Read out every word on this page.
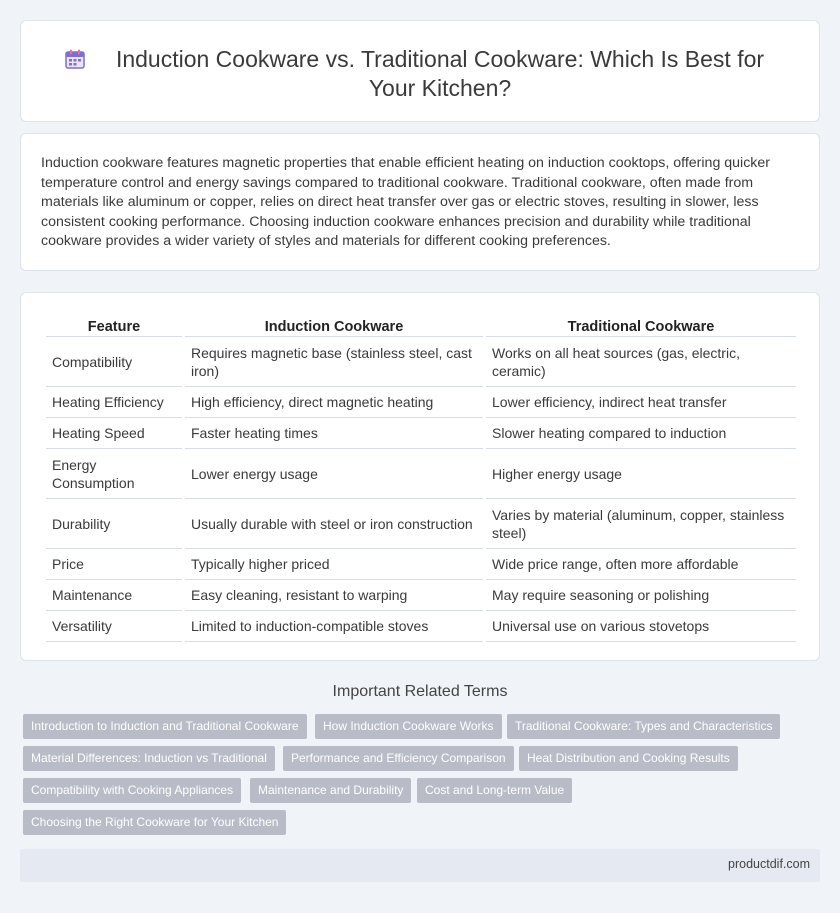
Induction Cookware vs. Traditional Cookware: Which Is Best for Your Kitchen?

Induction cookware features magnetic properties that enable efficient heating on induction cooktops, offering quicker temperature control and energy savings compared to traditional cookware. Traditional cookware, often made from materials like aluminum or copper, relies on direct heat transfer over gas or electric stoves, resulting in slower, less consistent cooking performance. Choosing induction cookware enhances precision and durability while traditional cookware provides a wider variety of styles and materials for different cooking preferences.

Feature	Induction Cookware	Traditional Cookware
Compatibility	Requires magnetic base (stainless steel, cast iron)	Works on all heat sources (gas, electric, ceramic)
Heating Efficiency	High efficiency, direct magnetic heating	Lower efficiency, indirect heat transfer
Heating Speed	Faster heating times	Slower heating compared to induction
Energy Consumption	Lower energy usage	Higher energy usage
Durability	Usually durable with steel or iron construction	Varies by material (aluminum, copper, stainless steel)
Price	Typically higher priced	Wide price range, often more affordable
Maintenance	Easy cleaning, resistant to warping	May require seasoning or polishing
Versatility	Limited to induction-compatible stoves	Universal use on various stovetops
Important Related Terms
Introduction to Induction and Traditional Cookware	How Induction Cookware Works	Traditional Cookware: Types and Characteristics
Material Differences: Induction vs Traditional	Performance and Efficiency Comparison	Heat Distribution and Cooking Results
Compatibility with Cooking Appliances	Maintenance and Durability	Cost and Long-term Value
Choosing the Right Cookware for Your Kitchen
productdif.com
